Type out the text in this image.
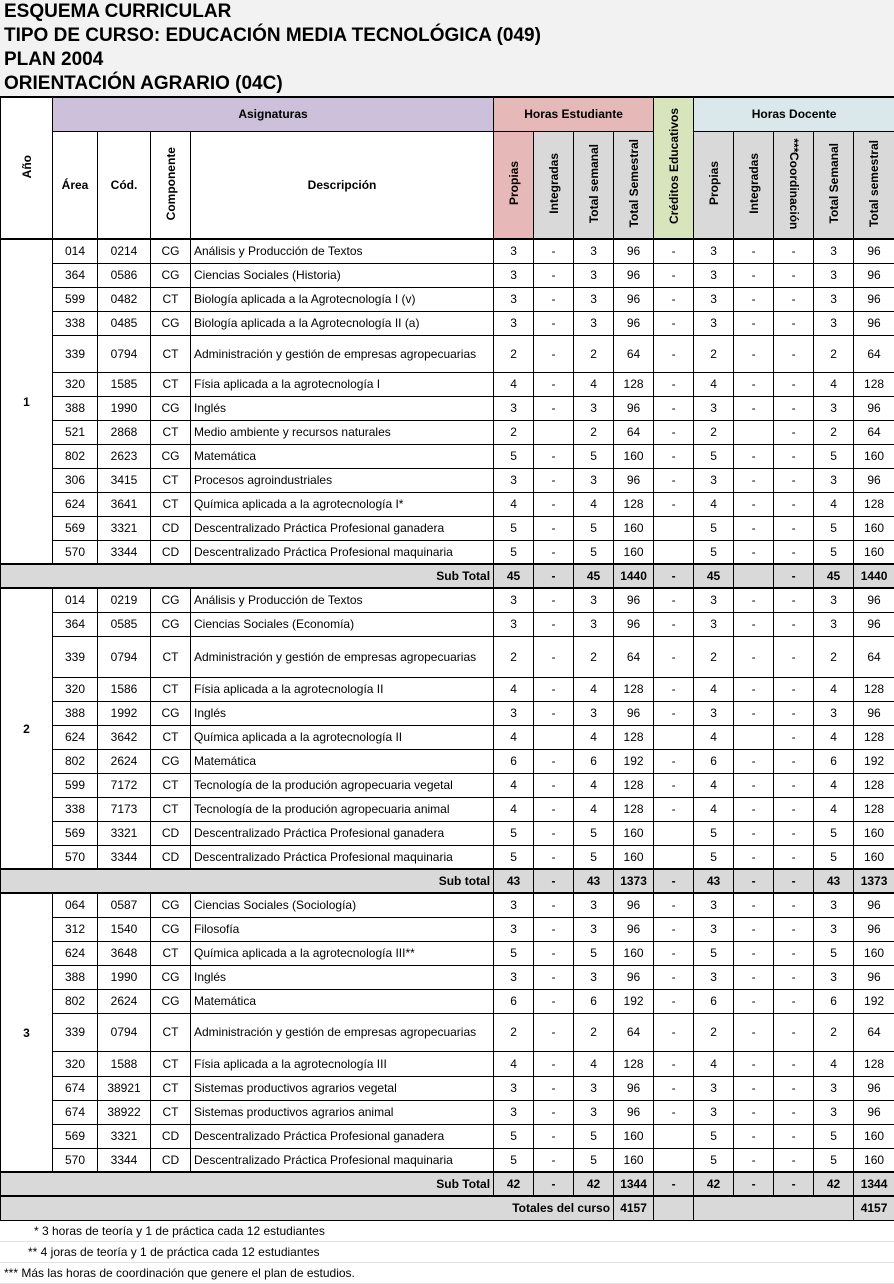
ESQUEMA CURRICULAR
TIPO DE CURSO: EDUCACIÓN MEDIA TECNOLÓGICA (049)
PLAN 2004
ORIENTACIÓN AGRARIO (04C)
Año	Asignaturas				Horas Estudiante				Créditos Educativos	Horas Docente				
	Área	Cód.	Componente	Descripción	Propias	Integradas	Total semanal	Total Semestral		Propias	Integradas	Coordinación***	Total Semanal	Total semestral
1	014	0214	CG	Análisis y Producción de Textos	3	-	3	96	-	3	-	-	3	96
	364	0586	CG	Ciencias Sociales (Historia)	3	-	3	96	-	3	-	-	3	96
	599	0482	CT	Biología aplicada a la Agrotecnología I (v)	3	-	3	96	-	3	-	-	3	96
	338	0485	CG	Biología aplicada a la Agrotecnología II (a)	3	-	3	96	-	3	-	-	3	96
	339	0794	CT	Administración y gestión de empresas agropecuarias	2	-	2	64	-	2	-	-	2	64
	320	1585	CT	Físia aplicada a la agrotecnología I	4	-	4	128	-	4	-	-	4	128
	388	1990	CG	Inglés	3	-	3	96	-	3	-	-	3	96
	521	2868	CT	Medio ambiente y recursos naturales	2		2	64	-	2		-	2	64
	802	2623	CG	Matemática	5	-	5	160	-	5	-	-	5	160
	306	3415	CT	Procesos agroindustriales	3	-	3	96	-	3	-	-	3	96
	624	3641	CT	Química aplicada a la agrotecnología I*	4	-	4	128	-	4	-	-	4	128
	569	3321	CD	Descentralizado Práctica Profesional ganadera	5	-	5	160		5	-	-	5	160
	570	3344	CD	Descentralizado Práctica Profesional maquinaria	5	-	5	160		5	-	-	5	160
Sub Total					45	-	45	1440	-	45		-	45	1440
2	014	0219	CG	Análisis y Producción de Textos	3	-	3	96	-	3	-	-	3	96
	364	0585	CG	Ciencias Sociales (Economía)	3	-	3	96	-	3	-	-	3	96
	339	0794	CT	Administración y gestión de empresas agropecuarias	2	-	2	64	-	2	-	-	2	64
	320	1586	CT	Físia aplicada a la agrotecnología II	4	-	4	128	-	4	-	-	4	128
	388	1992	CG	Inglés	3	-	3	96	-	3	-	-	3	96
	624	3642	CT	Química aplicada a la agrotecnología II	4		4	128		4		-	4	128
	802	2624	CG	Matemática	6	-	6	192	-	6	-	-	6	192
	599	7172	CT	Tecnología de la produción agropecuaria vegetal	4	-	4	128	-	4	-	-	4	128
	338	7173	CT	Tecnología de la produción agropecuaria animal	4	-	4	128	-	4	-	-	4	128
	569	3321	CD	Descentralizado Práctica Profesional ganadera	5	-	5	160		5	-	-	5	160
	570	3344	CD	Descentralizado Práctica Profesional maquinaria	5	-	5	160		5	-	-	5	160
Sub total					43	-	43	1373	-	43	-	-	43	1373
3	064	0587	CG	Ciencias Sociales (Sociología)	3	-	3	96	-	3	-	-	3	96
	312	1540	CG	Filosofía	3	-	3	96	-	3	-	-	3	96
	624	3648	CT	Química aplicada a la agrotecnología III**	5	-	5	160	-	5	-	-	5	160
	388	1990	CG	Inglés	3	-	3	96	-	3	-	-	3	96
	802	2624	CG	Matemática	6	-	6	192	-	6	-	-	6	192
	339	0794	CT	Administración y gestión de empresas agropecuarias	2	-	2	64	-	2	-	-	2	64
	320	1588	CT	Físia aplicada a la agrotecnología III	4	-	4	128	-	4	-	-	4	128
	674	38921	CT	Sistemas productivos agrarios vegetal	3	-	3	96	-	3	-	-	3	96
	674	38922	CT	Sistemas productivos agrarios animal	3	-	3	96	-	3	-	-	3	96
	569	3321	CD	Descentralizado Práctica Profesional ganadera	5	-	5	160		5	-	-	5	160
	570	3344	CD	Descentralizado Práctica Profesional maquinaria	5	-	5	160		5	-	-	5	160
Sub Total					42	-	42	1344	-	42	-	-	42	1344
Totales del curso								4157						4157
* 3 horas de teoría y 1 de práctica cada 12 estudiantes
** 4 joras de teoría y 1 de práctica cada 12 estudiantes
*** Más las horas de coordinación que genere el plan de estudios.
